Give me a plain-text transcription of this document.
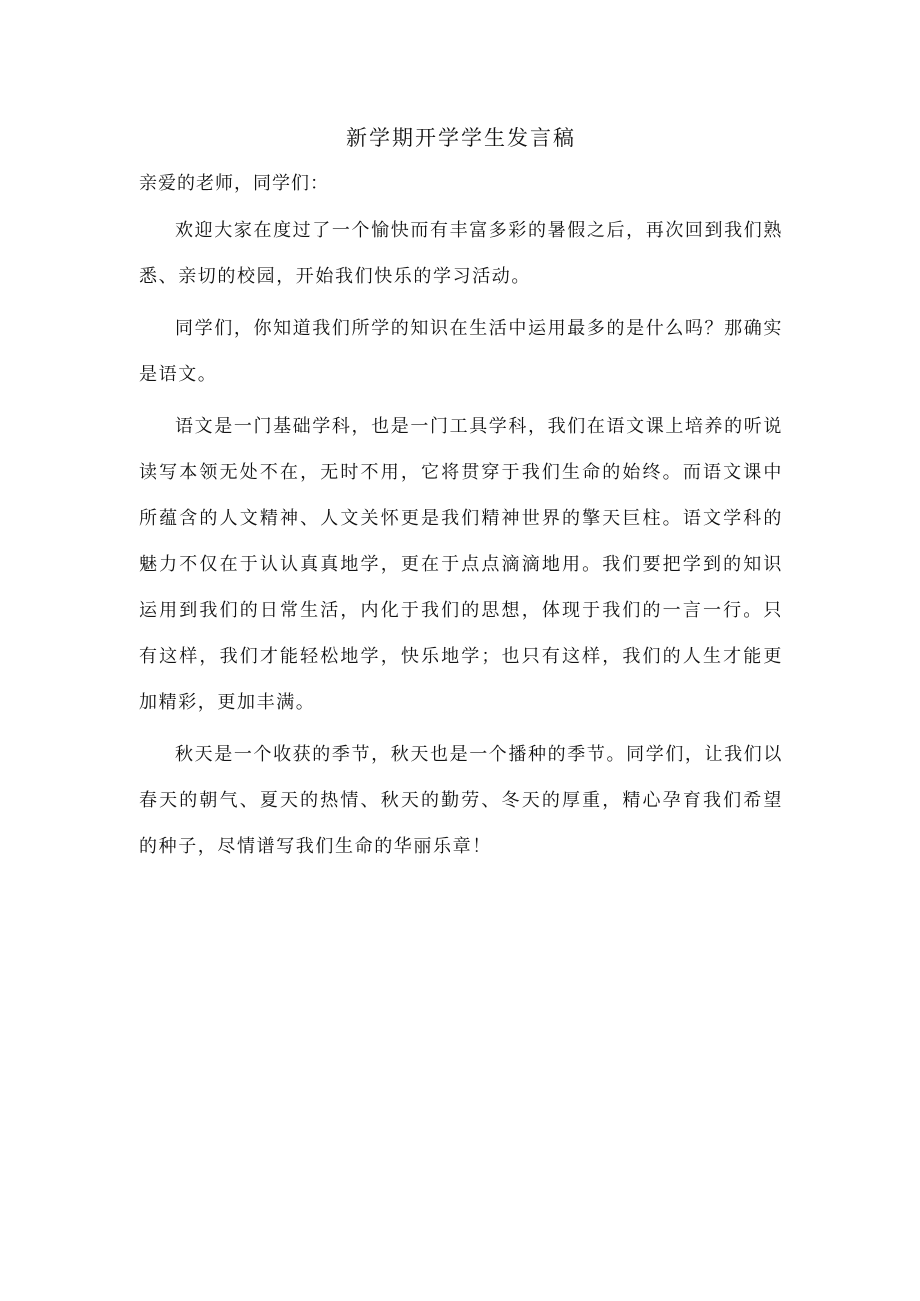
新学期开学学生发言稿

亲爱的老师，同学们：

欢迎大家在度过了一个愉快而有丰富多彩的暑假之后，再次回到我们熟悉、亲切的校园，开始我们快乐的学习活动。

同学们，你知道我们所学的知识在生活中运用最多的是什么吗？那确实是语文。

语文是一门基础学科，也是一门工具学科，我们在语文课上培养的听说读写本领无处不在，无时不用，它将贯穿于我们生命的始终。而语文课中所蕴含的人文精神、人文关怀更是我们精神世界的擎天巨柱。语文学科的魅力不仅在于认认真真地学，更在于点点滴滴地用。我们要把学到的知识运用到我们的日常生活，内化于我们的思想，体现于我们的一言一行。只有这样，我们才能轻松地学，快乐地学；也只有这样，我们的人生才能更加精彩，更加丰满。

秋天是一个收获的季节，秋天也是一个播种的季节。同学们，让我们以春天的朝气、夏天的热情、秋天的勤劳、冬天的厚重，精心孕育我们希望的种子，尽情谱写我们生命的华丽乐章！
